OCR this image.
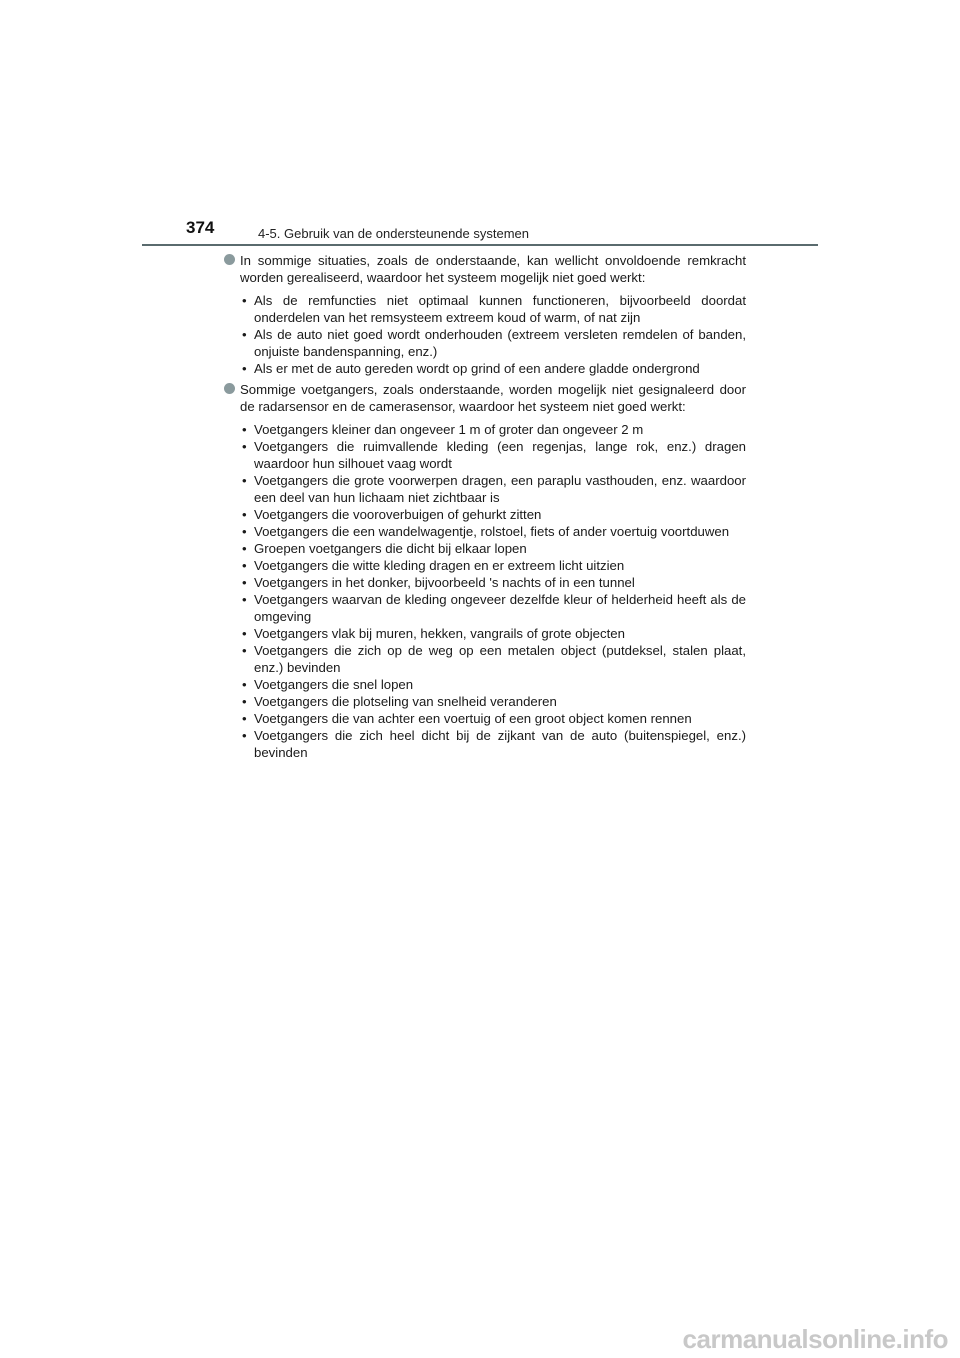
374	4-5. Gebruik van de ondersteunende systemen
In sommige situaties, zoals de onderstaande, kan wellicht onvoldoende remkracht worden gerealiseerd, waardoor het systeem mogelijk niet goed werkt:
• Als de remfuncties niet optimaal kunnen functioneren, bijvoorbeeld doordat onderdelen van het remsysteem extreem koud of warm, of nat zijn
• Als de auto niet goed wordt onderhouden (extreem versleten remdelen of banden, onjuiste bandenspanning, enz.)
• Als er met de auto gereden wordt op grind of een andere gladde ondergrond
Sommige voetgangers, zoals onderstaande, worden mogelijk niet gesignaleerd door de radarsensor en de camerasensor, waardoor het systeem niet goed werkt:
• Voetgangers kleiner dan ongeveer 1 m of groter dan ongeveer 2 m
• Voetgangers die ruimvallende kleding (een regenjas, lange rok, enz.) dragen waardoor hun silhouet vaag wordt
• Voetgangers die grote voorwerpen dragen, een paraplu vasthouden, enz. waardoor een deel van hun lichaam niet zichtbaar is
• Voetgangers die vooroverbuigen of gehurkt zitten
• Voetgangers die een wandelwagentje, rolstoel, fiets of ander voertuig voortduwen
• Groepen voetgangers die dicht bij elkaar lopen
• Voetgangers die witte kleding dragen en er extreem licht uitzien
• Voetgangers in het donker, bijvoorbeeld 's nachts of in een tunnel
• Voetgangers waarvan de kleding ongeveer dezelfde kleur of helderheid heeft als de omgeving
• Voetgangers vlak bij muren, hekken, vangrails of grote objecten
• Voetgangers die zich op de weg op een metalen object (putdeksel, stalen plaat, enz.) bevinden
• Voetgangers die snel lopen
• Voetgangers die plotseling van snelheid veranderen
• Voetgangers die van achter een voertuig of een groot object komen rennen
• Voetgangers die zich heel dicht bij de zijkant van de auto (buitenspiegel, enz.) bevinden
carmanualsonline.info
